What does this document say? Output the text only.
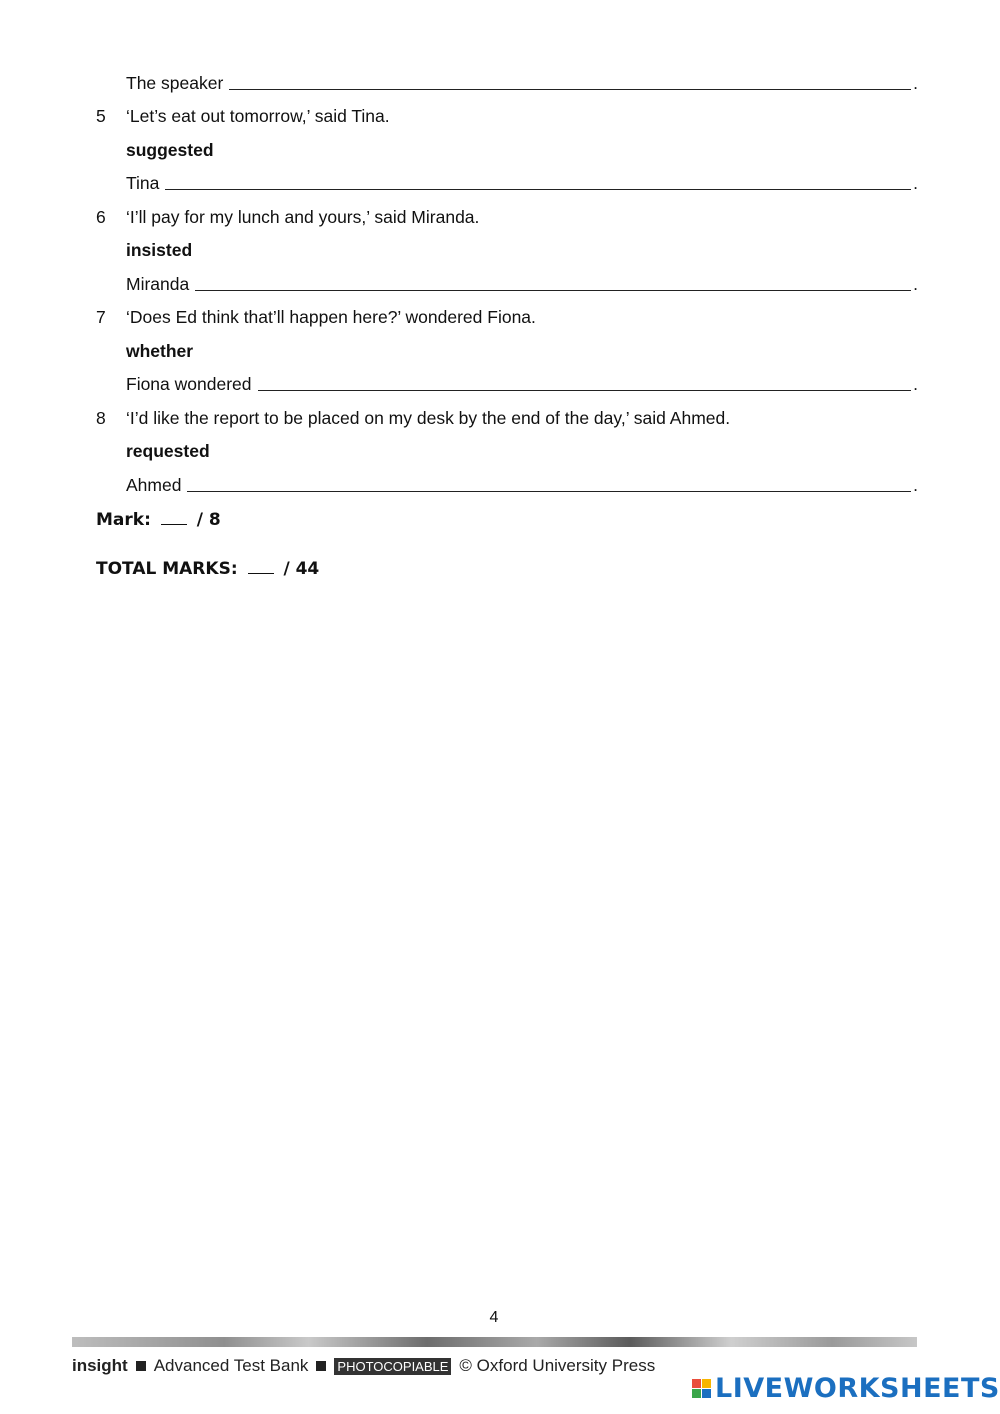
The speaker	.
5	‘Let’s eat out tomorrow,’ said Tina.
suggested
Tina	.
6	‘I’ll pay for my lunch and yours,’ said Miranda.
insisted
Miranda	.
7	‘Does Ed think that’ll happen here?’ wondered Fiona.
whether
Fiona wondered	.
8	‘I’d like the report to be placed on my desk by the end of the day,’ said Ahmed.
requested
Ahmed	.
Mark:	/ 8
TOTAL MARKS:	/ 44
4
insight Advanced Test Bank PHOTOCOPIABLE © Oxford University Press
LIVEWORKSHEETS
